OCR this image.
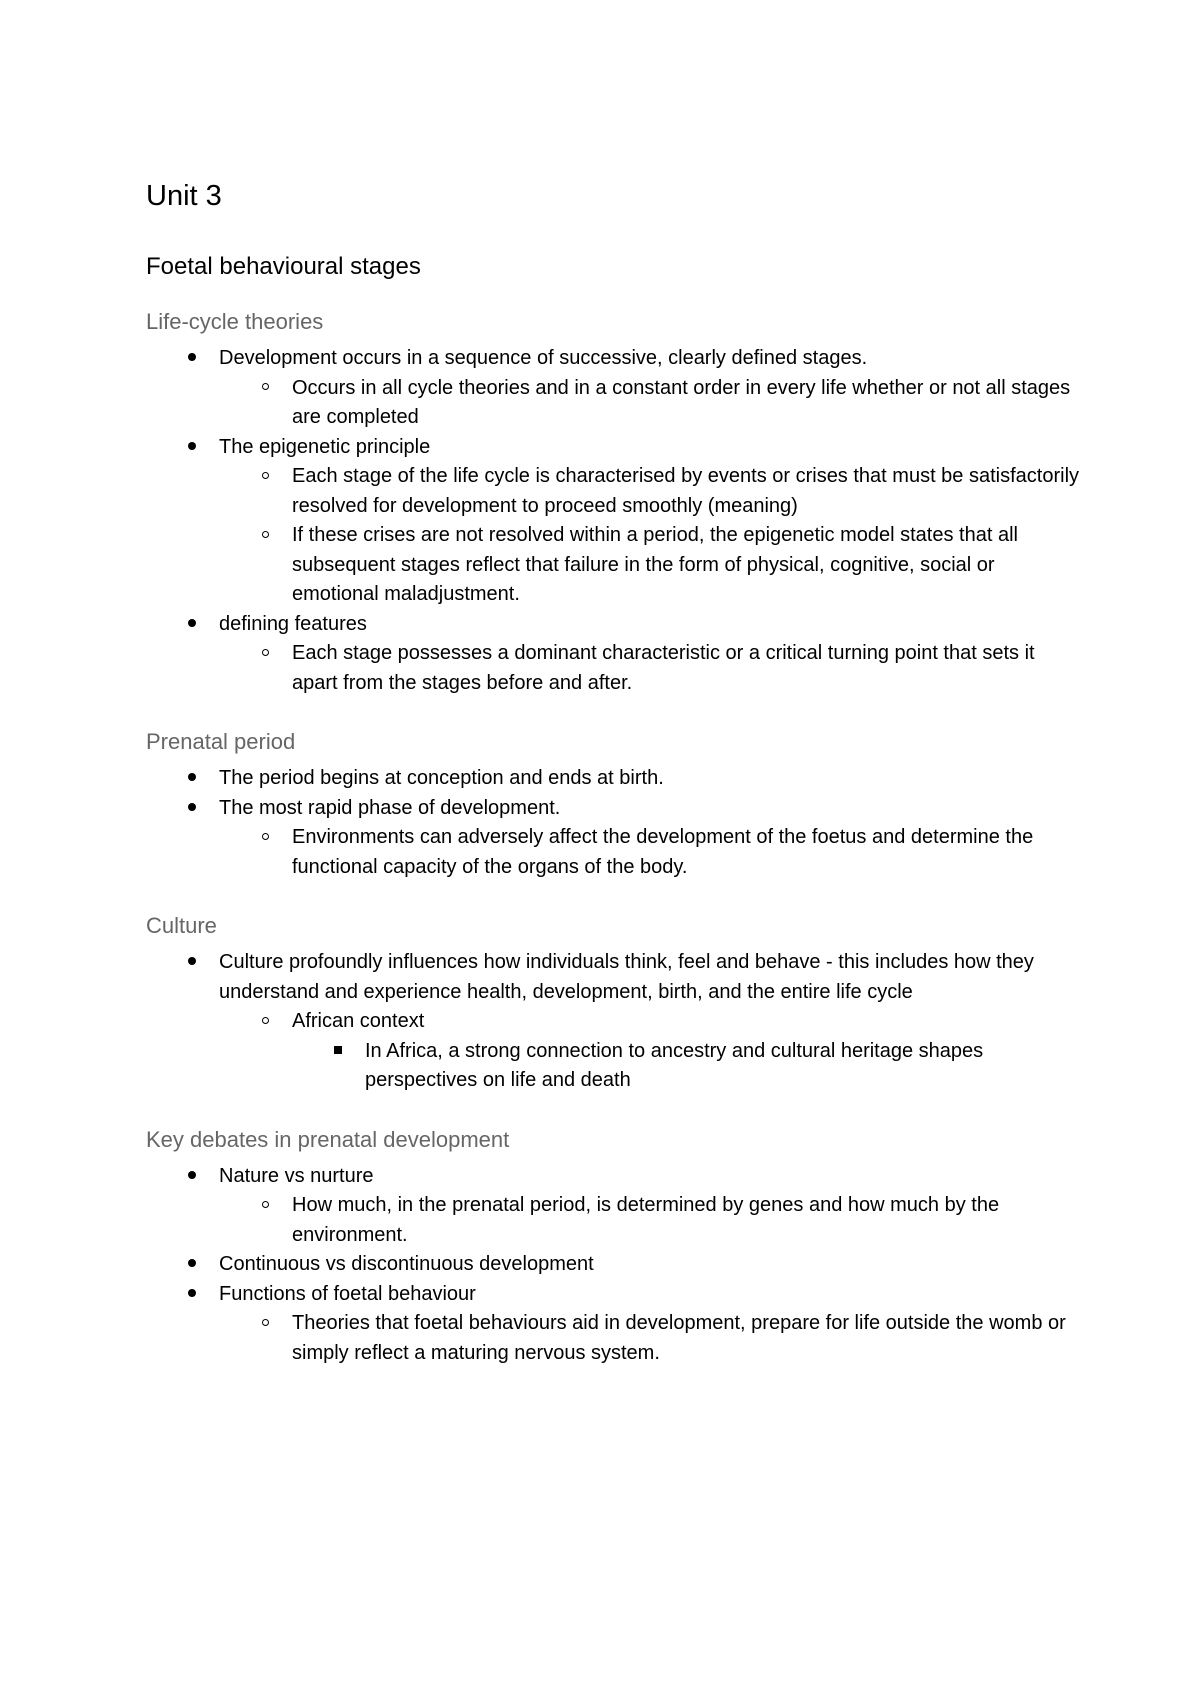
Unit 3
Foetal behavioural stages
Life-cycle theories
Development occurs in a sequence of successive, clearly defined stages.
Occurs in all cycle theories and in a constant order in every life whether or not all stages are completed
The epigenetic principle
Each stage of the life cycle is characterised by events or crises that must be satisfactorily resolved for development to proceed smoothly (meaning)
If these crises are not resolved within a period, the epigenetic model states that all subsequent stages reflect that failure in the form of physical, cognitive, social or emotional maladjustment.
defining features
Each stage possesses a dominant characteristic or a critical turning point that sets it apart from the stages before and after.
Prenatal period
The period begins at conception and ends at birth.
The most rapid phase of development.
Environments can adversely affect the development of the foetus and determine the functional capacity of the organs of the body.
Culture
Culture profoundly influences how individuals think, feel and behave - this includes how they understand and experience health, development, birth, and the entire life cycle
African context
In Africa, a strong connection to ancestry and cultural heritage shapes perspectives on life and death
Key debates in prenatal development
Nature vs nurture
How much, in the prenatal period, is determined by genes and how much by the environment.
Continuous vs discontinuous development
Functions of foetal behaviour
Theories that foetal behaviours aid in development, prepare for life outside the womb or simply reflect a maturing nervous system.
